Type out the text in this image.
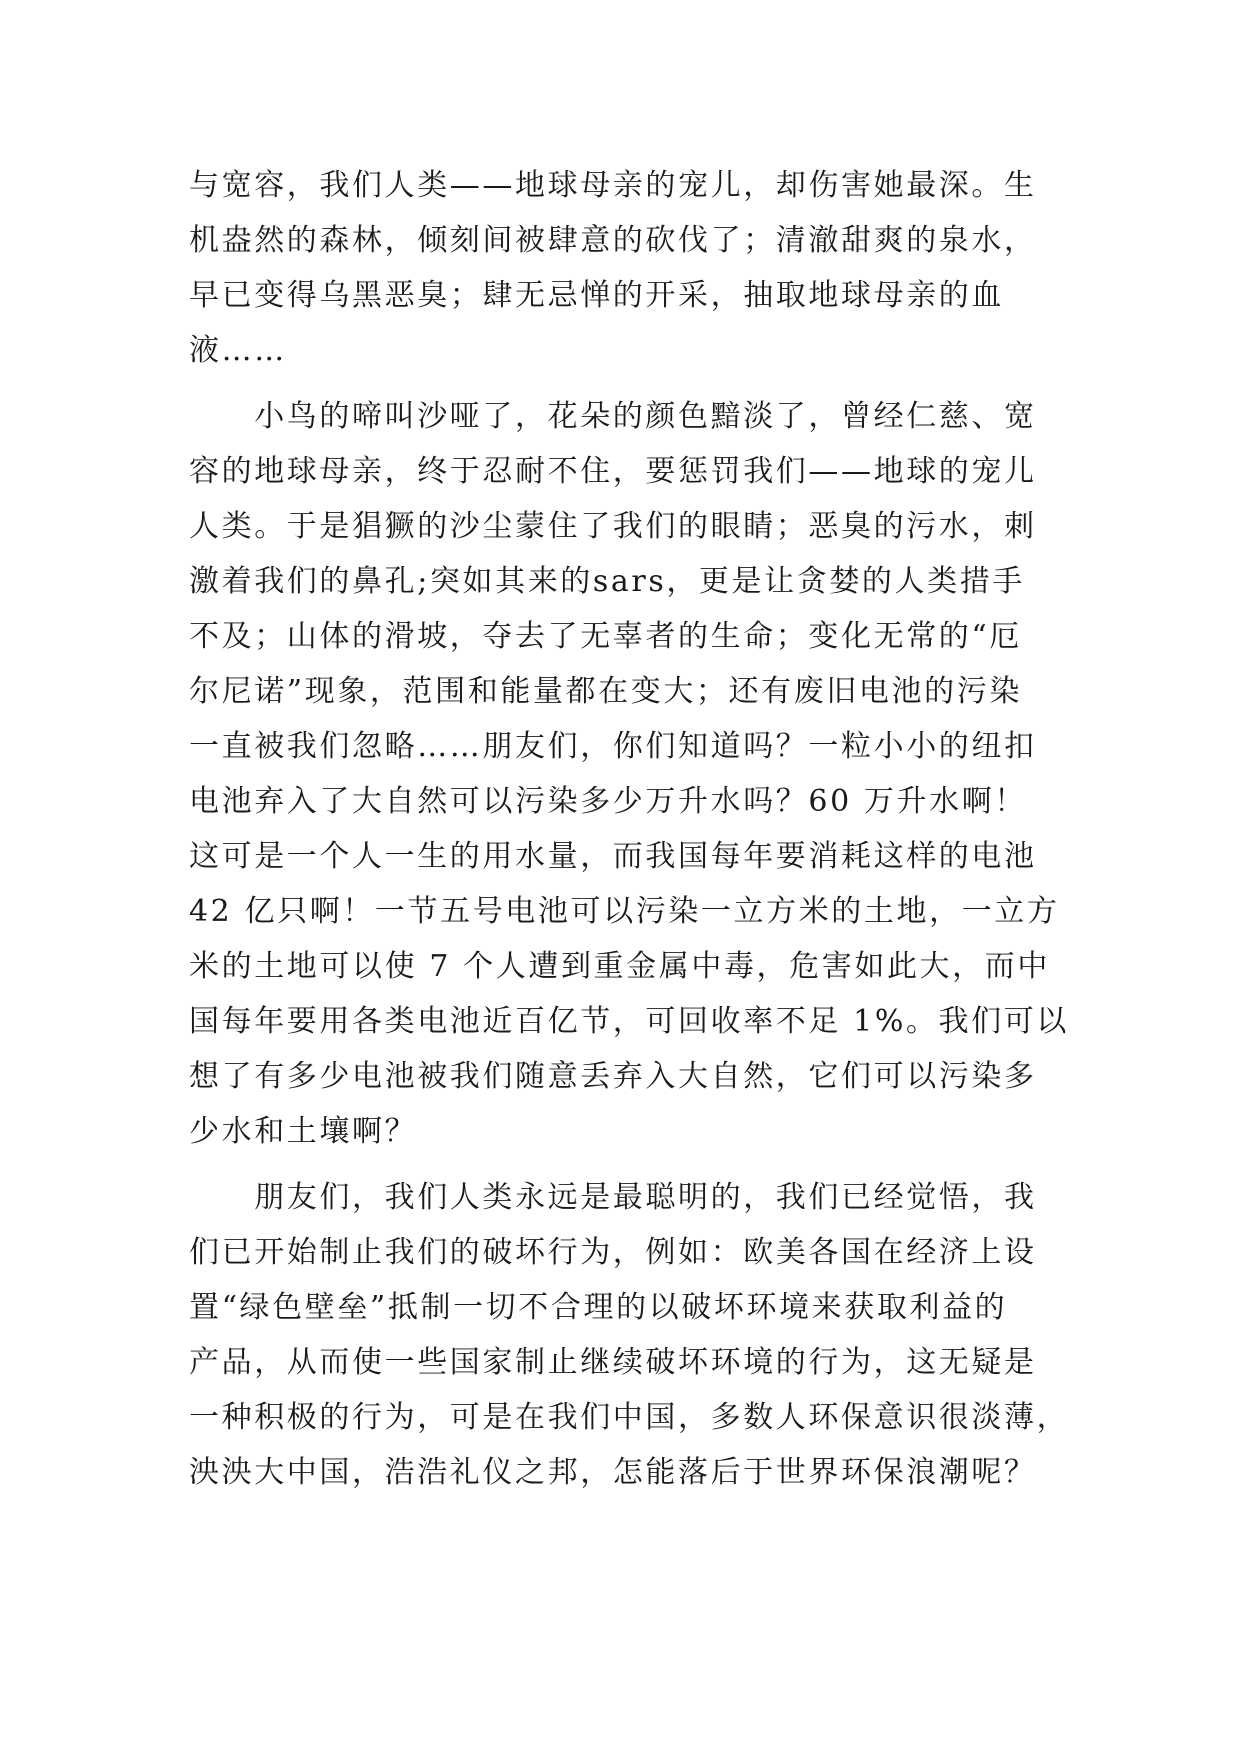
与宽容，我们人类——地球母亲的宠儿，却伤害她最深。生
机盎然的森林，倾刻间被肆意的砍伐了；清澈甜爽的泉水，
早已变得乌黑恶臭；肆无忌惮的开采，抽取地球母亲的血
液……
　　小鸟的啼叫沙哑了，花朵的颜色黯淡了，曾经仁慈、宽
容的地球母亲，终于忍耐不住，要惩罚我们——地球的宠儿
人类。于是猖獗的沙尘蒙住了我们的眼睛；恶臭的污水，刺
激着我们的鼻孔;突如其来的sars，更是让贪婪的人类措手
不及；山体的滑坡，夺去了无辜者的生命；变化无常的“厄
尔尼诺”现象，范围和能量都在变大；还有废旧电池的污染
一直被我们忽略……朋友们，你们知道吗？一粒小小的纽扣
电池弃入了大自然可以污染多少万升水吗？60 万升水啊！
这可是一个人一生的用水量，而我国每年要消耗这样的电池
42 亿只啊！一节五号电池可以污染一立方米的土地，一立方
米的土地可以使 7 个人遭到重金属中毒，危害如此大，而中
国每年要用各类电池近百亿节，可回收率不足 1%。我们可以
想了有多少电池被我们随意丢弃入大自然，它们可以污染多
少水和土壤啊？
　　朋友们，我们人类永远是最聪明的，我们已经觉悟，我
们已开始制止我们的破坏行为，例如：欧美各国在经济上设
置“绿色壁垒”抵制一切不合理的以破坏环境来获取利益的
产品，从而使一些国家制止继续破坏环境的行为，这无疑是
一种积极的行为，可是在我们中国，多数人环保意识很淡薄，
泱泱大中国，浩浩礼仪之邦，怎能落后于世界环保浪潮呢？
